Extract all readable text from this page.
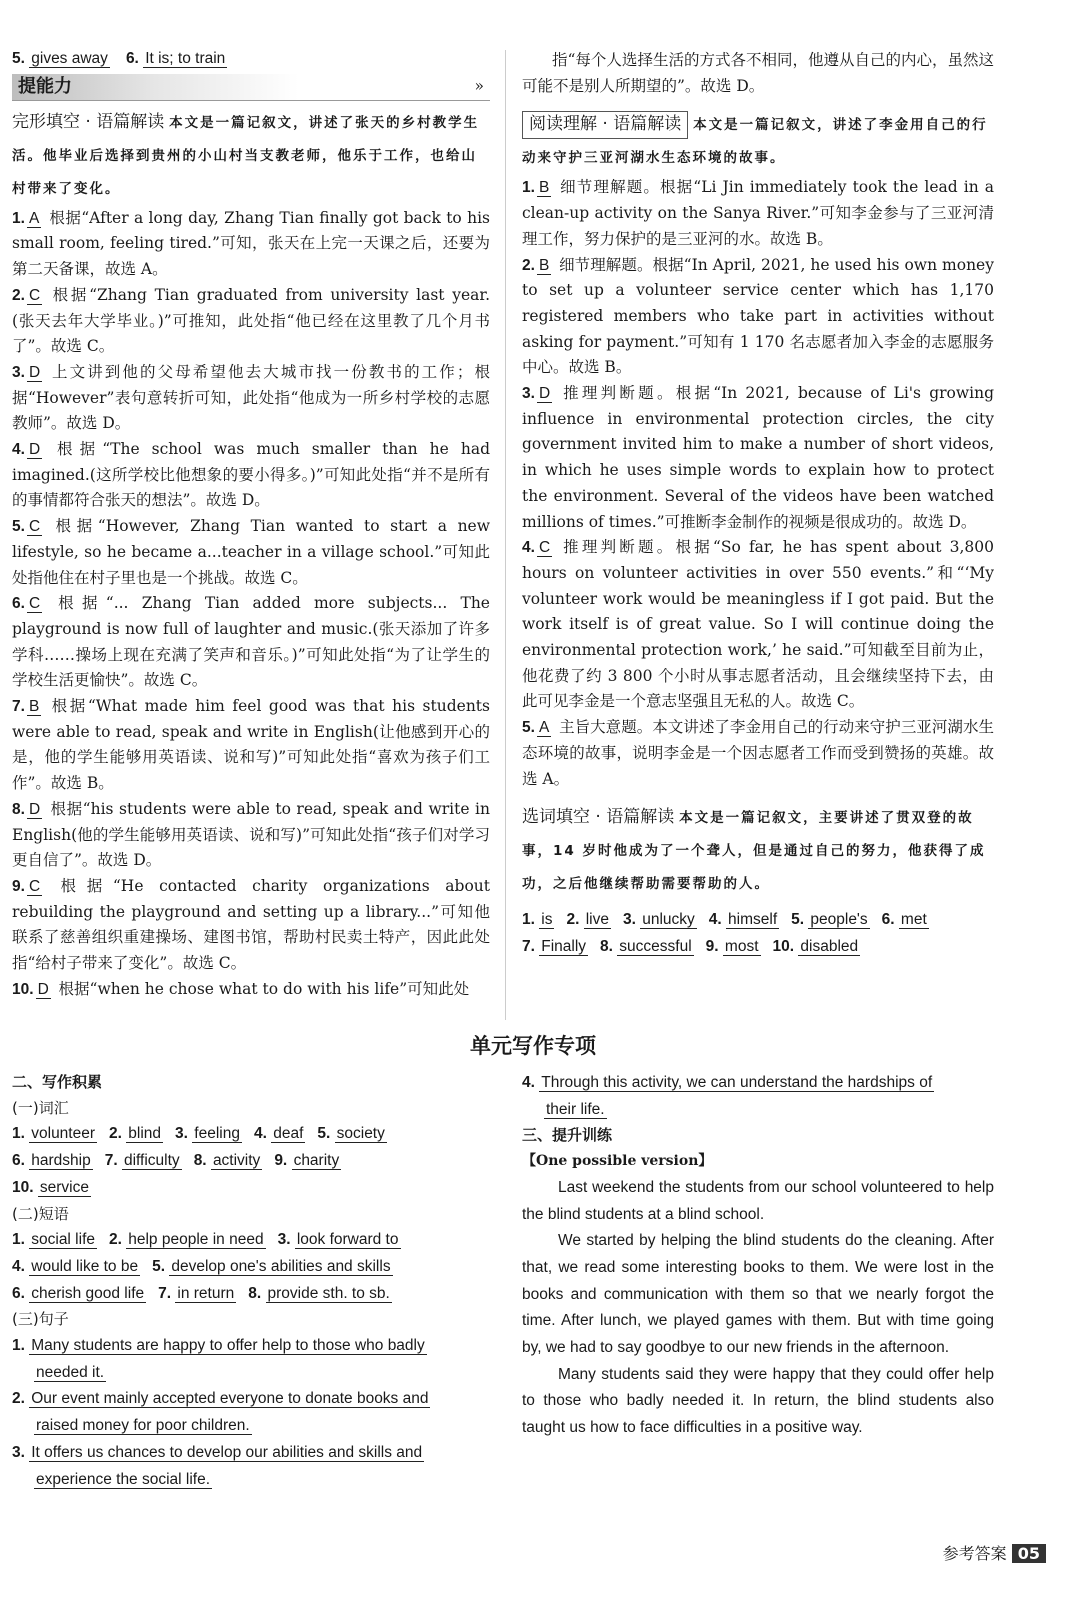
5. gives away 6. It is; to train
提能力	»
完形填空 · 语篇解读 本文是一篇记叙文，讲述了张天的乡村教学生活。他毕业后选择到贵州的小山村当支教老师，他乐于工作，也给山村带来了变化。

1. A  根据“After a long day, Zhang Tian finally got back to his small room, feeling tired.”可知，张天在上完一天课之后，还要为第二天备课，故选 A。

2. C  根据“Zhang Tian graduated from university last year. (张天去年大学毕业。)”可推知，此处指“他已经在这里教了几个月书了”。故选 C。

3. D  上文讲到他的父母希望他去大城市找一份教书的工作；根据“However”表句意转折可知，此处指“他成为一所乡村学校的志愿教师”。故选 D。

4. D  根据“The school was much smaller than he had imagined.(这所学校比他想象的要小得多。)”可知此处指“并不是所有的事情都符合张天的想法”。故选 D。

5. C  根据“However, Zhang Tian wanted to start a new lifestyle, so he became a...teacher in a village school.”可知此处指他住在村子里也是一个挑战。故选 C。

6. C  根据“... Zhang Tian added more subjects... The playground is now full of laughter and music.(张天添加了许多学科……操场上现在充满了笑声和音乐。)”可知此处指“为了让学生的学校生活更愉快”。故选 C。

7. B  根据“What made him feel good was that his students were able to read, speak and write in English(让他感到开心的是，他的学生能够用英语读、说和写)”可知此处指“喜欢为孩子们工作”。故选 B。

8. D  根据“his students were able to read, speak and write in English(他的学生能够用英语读、说和写)”可知此处指“孩子们对学习更自信了”。故选 D。

9. C  根据“He contacted charity organizations about rebuilding the playground and setting up a library...”可知他联系了慈善组织重建操场、建图书馆，帮助村民卖土特产，因此此处指“给村子带来了变化”。故选 C。

10. D  根据“when he chose what to do with his life”可知此处

指“每个人选择生活的方式各不相同，他遵从自己的内心，虽然这可能不是别人所期望的”。故选 D。

阅读理解 · 语篇解读 本文是一篇记叙文，讲述了李金用自己的行动来守护三亚河湖水生态环境的故事。

1. B  细节理解题。根据“Li Jin immediately took the lead in a clean-up activity on the Sanya River.”可知李金参与了三亚河清理工作，努力保护的是三亚河的水。故选 B。

2. B  细节理解题。根据“In April, 2021, he used his own money to set up a volunteer service center which has 1,170 registered members who take part in activities without asking for payment.”可知有 1 170 名志愿者加入李金的志愿服务中心。故选 B。

3. D  推理判断题。根据“In 2021, because of Li's growing influence in environmental protection circles, the city government invited him to make a number of short videos, in which he uses simple words to explain how to protect the environment. Several of the videos have been watched millions of times.”可推断李金制作的视频是很成功的。故选 D。

4. C  推理判断题。根据“So far, he has spent about 3,800 hours on volunteer activities in over 550 events.”和“‘My volunteer work would be meaningless if I got paid. But the work itself is of great value. So I will continue doing the environmental protection work,’ he said.”可知截至目前为止，他花费了约 3 800 个小时从事志愿者活动，且会继续坚持下去，由此可见李金是一个意志坚强且无私的人。故选 C。

5. A  主旨大意题。本文讲述了李金用自己的行动来守护三亚河湖水生态环境的故事，说明李金是一个因志愿者工作而受到赞扬的英雄。故选 A。

选词填空 · 语篇解读 本文是一篇记叙文，主要讲述了贯双登的故事，14 岁时他成为了一个聋人，但是通过自己的努力，他获得了成功，之后他继续帮助需要帮助的人。
1. is 2. live 3. unlucky 4. himself 5. people's 6. met
7. Finally 8. successful 9. most 10. disabled
单元写作专项
二、写作积累
(一)词汇
1. volunteer 2. blind 3. feeling 4. deaf 5. society
6. hardship 7. difficulty 8. activity 9. charity
10. service
(二)短语
1. social life 2. help people in need 3. look forward to
4. would like to be 5. develop one's abilities and skills
6. cherish good life 7. in return 8. provide sth. to sb.
(三)句子
1. Many students are happy to offer help to those who badly
needed it.
2. Our event mainly accepted everyone to donate books and
raised money for poor children.
3. It offers us chances to develop our abilities and skills and
experience the social life.
4. Through this activity, we can understand the hardships of
their life.
三、提升训练
【One possible version】

Last weekend the students from our school volunteered to help the blind students at a blind school.

We started by helping the blind students do the cleaning. After that, we read some interesting books to them. We were lost in the books and communication with them so that we nearly forgot the time. After lunch, we played games with them. But with time going by, we had to say goodbye to our new friends in the afternoon.

Many students said they were happy that they could offer help to those who badly needed it. In return, the blind students also taught us how to face difficulties in a positive way.

参考答案 05
